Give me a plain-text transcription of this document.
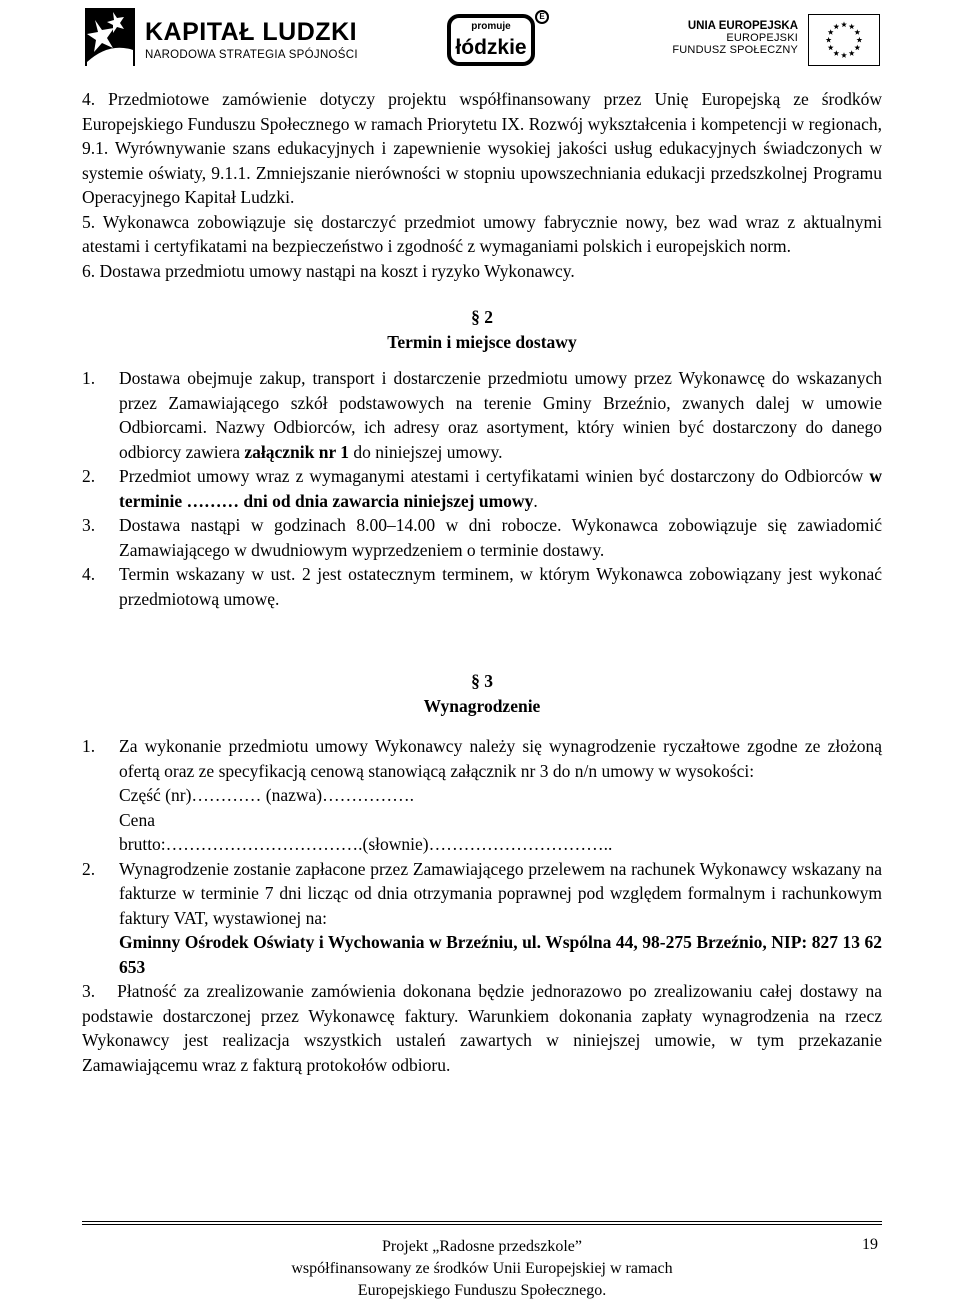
KAPITAŁ LUDZKI
NARODOWA STRATEGIA SPÓJNOŚCI
promuje
łódzkie
E
UNIA EUROPEJSKA
EUROPEJSKI
FUNDUSZ SPOŁECZNY

4. Przedmiotowe zamówienie dotyczy projektu współfinansowany przez Unię Europejską ze środków Europejskiego Funduszu Społecznego w ramach Priorytetu IX. Rozwój wykształcenia i kompetencji w regionach, 9.1. Wyrównywanie szans edukacyjnych i zapewnienie wysokiej jakości usług edukacyjnych świadczonych w systemie oświaty, 9.1.1. Zmniejszanie nierówności w stopniu upowszechniania edukacji przedszkolnej Programu Operacyjnego Kapitał Ludzki.

5. Wykonawca zobowiązuje się dostarczyć przedmiot umowy fabrycznie nowy, bez wad wraz z aktualnymi atestami i certyfikatami na bezpieczeństwo i zgodność z wymaganiami polskich i europejskich norm.

6. Dostawa przedmiotu umowy nastąpi na koszt i ryzyko Wykonawcy.

§ 2

Termin i miejsce dostawy

1.	Dostawa obejmuje zakup, transport i dostarczenie przedmiotu umowy przez Wykonawcę do wskazanych przez Zamawiającego szkół podstawowych na terenie Gminy Brzeźnio, zwanych dalej w umowie Odbiorcami. Nazwy Odbiorców, ich adresy oraz asortyment, który winien być dostarczony do danego odbiorcy zawiera załącznik nr 1 do niniejszej umowy.
2.	Przedmiot umowy wraz z wymaganymi atestami i certyfikatami winien być dostarczony do Odbiorców w terminie ……… dni od dnia zawarcia niniejszej umowy.
3.	Dostawa nastąpi w godzinach 8.00–14.00 w dni robocze. Wykonawca zobowiązuje się zawiadomić Zamawiającego w dwudniowym wyprzedzeniem o terminie dostawy.
4.	Termin wskazany w ust. 2 jest ostatecznym terminem, w którym Wykonawca zobowiązany jest wykonać przedmiotową umowę.

§ 3

Wynagrodzenie

1.	Za wykonanie przedmiotu umowy Wykonawcy należy się wynagrodzenie ryczałtowe zgodne ze złożoną ofertą oraz ze specyfikacją cenową stanowiącą załącznik nr 3 do n/n umowy w wysokości:

Część (nr)………… (nazwa)…………….

Cena

brutto:…………………………….(słownie)…………………………..

2.	Wynagrodzenie zostanie zapłacone przez Zamawiającego przelewem na rachunek Wykonawcy wskazany na fakturze w terminie 7 dni licząc od dnia otrzymania poprawnej pod względem formalnym i rachunkowym faktury VAT, wystawionej na:

Gminny Ośrodek Oświaty i Wychowania w Brzeźniu, ul. Wspólna 44, 98-275 Brzeźnio, NIP: 827 13 62 653

3. Płatność za zrealizowanie zamówienia dokonana będzie jednorazowo po zrealizowaniu całej dostawy na podstawie dostarczonej przez Wykonawcę faktury. Warunkiem dokonania zapłaty wynagrodzenia na rzecz Wykonawcy jest realizacja wszystkich ustaleń zawartych w niniejszej umowie, w tym przekazanie Zamawiającemu wraz z fakturą protokołów odbioru.

Projekt „Radosne przedszkole”
współfinansowany ze środków Unii Europejskiej w ramach
Europejskiego Funduszu Społecznego.
19
